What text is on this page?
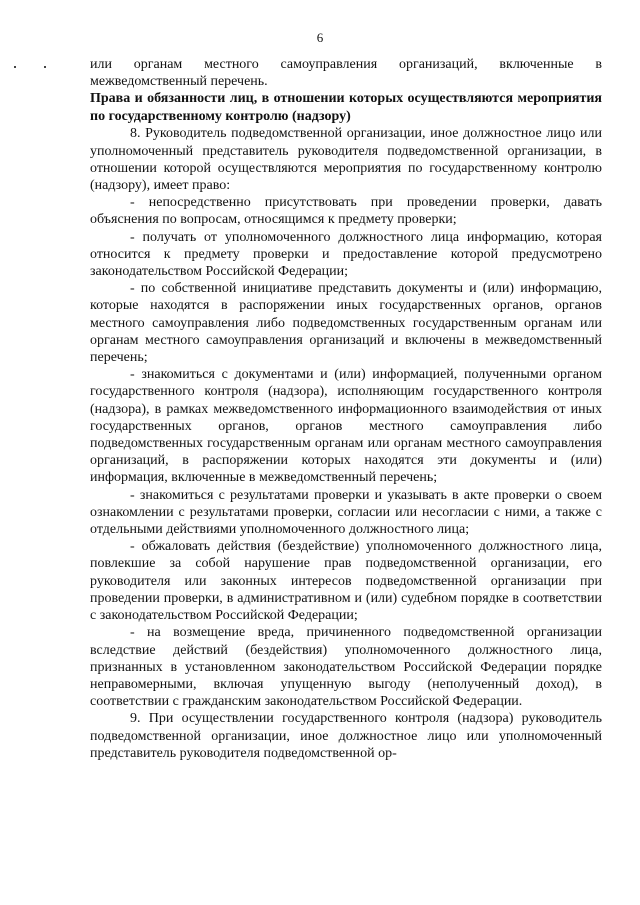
6

или органам местного самоуправления организаций, включенные в межведомственный перечень.

Права и обязанности лиц, в отношении которых осуществляются мероприятия по государственному контролю (надзору)

8. Руководитель подведомственной организации, иное должностное лицо или уполномоченный представитель руководителя подведомственной организации, в отношении которой осуществляются мероприятия по государственному контролю (надзору), имеет право:

- непосредственно присутствовать при проведении проверки, давать объяснения по вопросам, относящимся к предмету проверки;

- получать от уполномоченного должностного лица информацию, которая относится к предмету проверки и предоставление которой предусмотрено законодательством Российской Федерации;

- по собственной инициативе представить документы и (или) информацию, которые находятся в распоряжении иных государственных органов, органов местного самоуправления либо подведомственных государственным органам или органам местного самоуправления организаций и включены в межведомственный перечень;

- знакомиться с документами и (или) информацией, полученными органом государственного контроля (надзора), исполняющим государственного контроля (надзора), в рамках межведомственного информационного взаимодействия от иных государственных органов, органов местного самоуправления либо подведомственных государственным органам или органам местного самоуправления организаций, в распоряжении которых находятся эти документы и (или) информация, включенные в межведомственный перечень;

- знакомиться с результатами проверки и указывать в акте проверки о своем ознакомлении с результатами проверки, согласии или несогласии с ними, а также с отдельными действиями уполномоченного должностного лица;

- обжаловать действия (бездействие) уполномоченного должностного лица, повлекшие за собой нарушение прав подведомственной организации, его руководителя или законных интересов подведомственной организации при проведении проверки, в административном и (или) судебном порядке в соответствии с законодательством Российской Федерации;

- на возмещение вреда, причиненного подведомственной организации вследствие действий (бездействия) уполномоченного должностного лица, признанных в установленном законодательством Российской Федерации порядке неправомерными, включая упущенную выгоду (неполученный доход), в соответствии с гражданским законодательством Российской Федерации.

9. При осуществлении государственного контроля (надзора) руководитель подведомственной организации, иное должностное лицо или уполномоченный представитель руководителя подведомственной ор-
